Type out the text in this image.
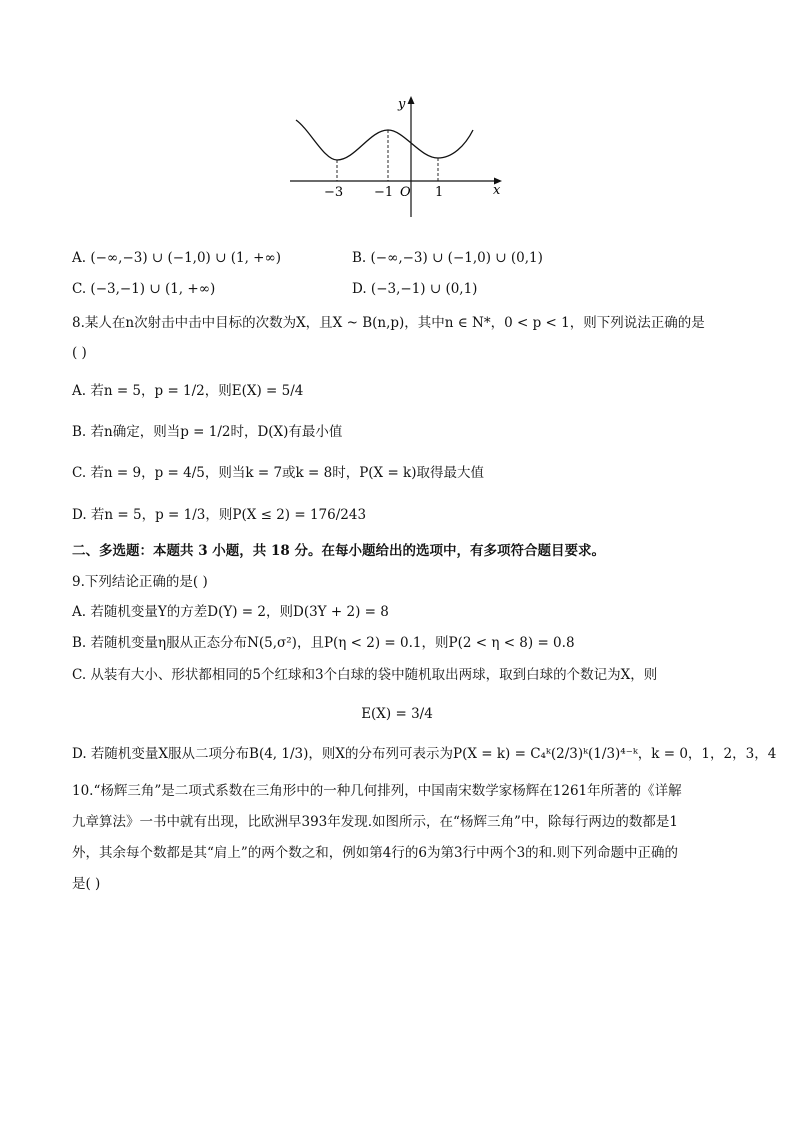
y
x
O
−3 −1	1
A. (−∞,−3) ∪ (−1,0) ∪ (1, +∞)	B. (−∞,−3) ∪ (−1,0) ∪ (0,1)
C. (−3,−1) ∪ (1, +∞)	D. (−3,−1) ∪ (0,1)
8.某人在n次射击中击中目标的次数为X，且X ~ B(n,p)，其中n ∈ N*，0 < p < 1，则下列说法正确的是
( )
A. 若n = 5，p = 1/2，则E(X) = 5/4
B. 若n确定，则当p = 1/2时，D(X)有最小值
C. 若n = 9，p = 4/5，则当k = 7或k = 8时，P(X = k)取得最大值
D. 若n = 5，p = 1/3，则P(X ≤ 2) = 176/243
二、多选题：本题共 3 小题，共 18 分。在每小题给出的选项中，有多项符合题目要求。
9.下列结论正确的是( )
A. 若随机变量Y的方差D(Y) = 2，则D(3Y + 2) = 8
B. 若随机变量η服从正态分布N(5,σ²)，且P(η < 2) = 0.1，则P(2 < η < 8) = 0.8
C. 从装有大小、形状都相同的5个红球和3个白球的袋中随机取出两球，取到白球的个数记为X，则
E(X) = 3/4
D. 若随机变量X服从二项分布B(4, 1/3)，则X的分布列可表示为P(X = k) = C₄ᵏ(2/3)ᵏ(1/3)⁴⁻ᵏ，k = 0，1，2，3，4
10.“杨辉三角”是二项式系数在三角形中的一种几何排列，中国南宋数学家杨辉在1261年所著的《详解
九章算法》一书中就有出现，比欧洲早393年发现.如图所示，在“杨辉三角”中，除每行两边的数都是1
外，其余每个数都是其“肩上”的两个数之和，例如第4行的6为第3行中两个3的和.则下列命题中正确的
是( )
